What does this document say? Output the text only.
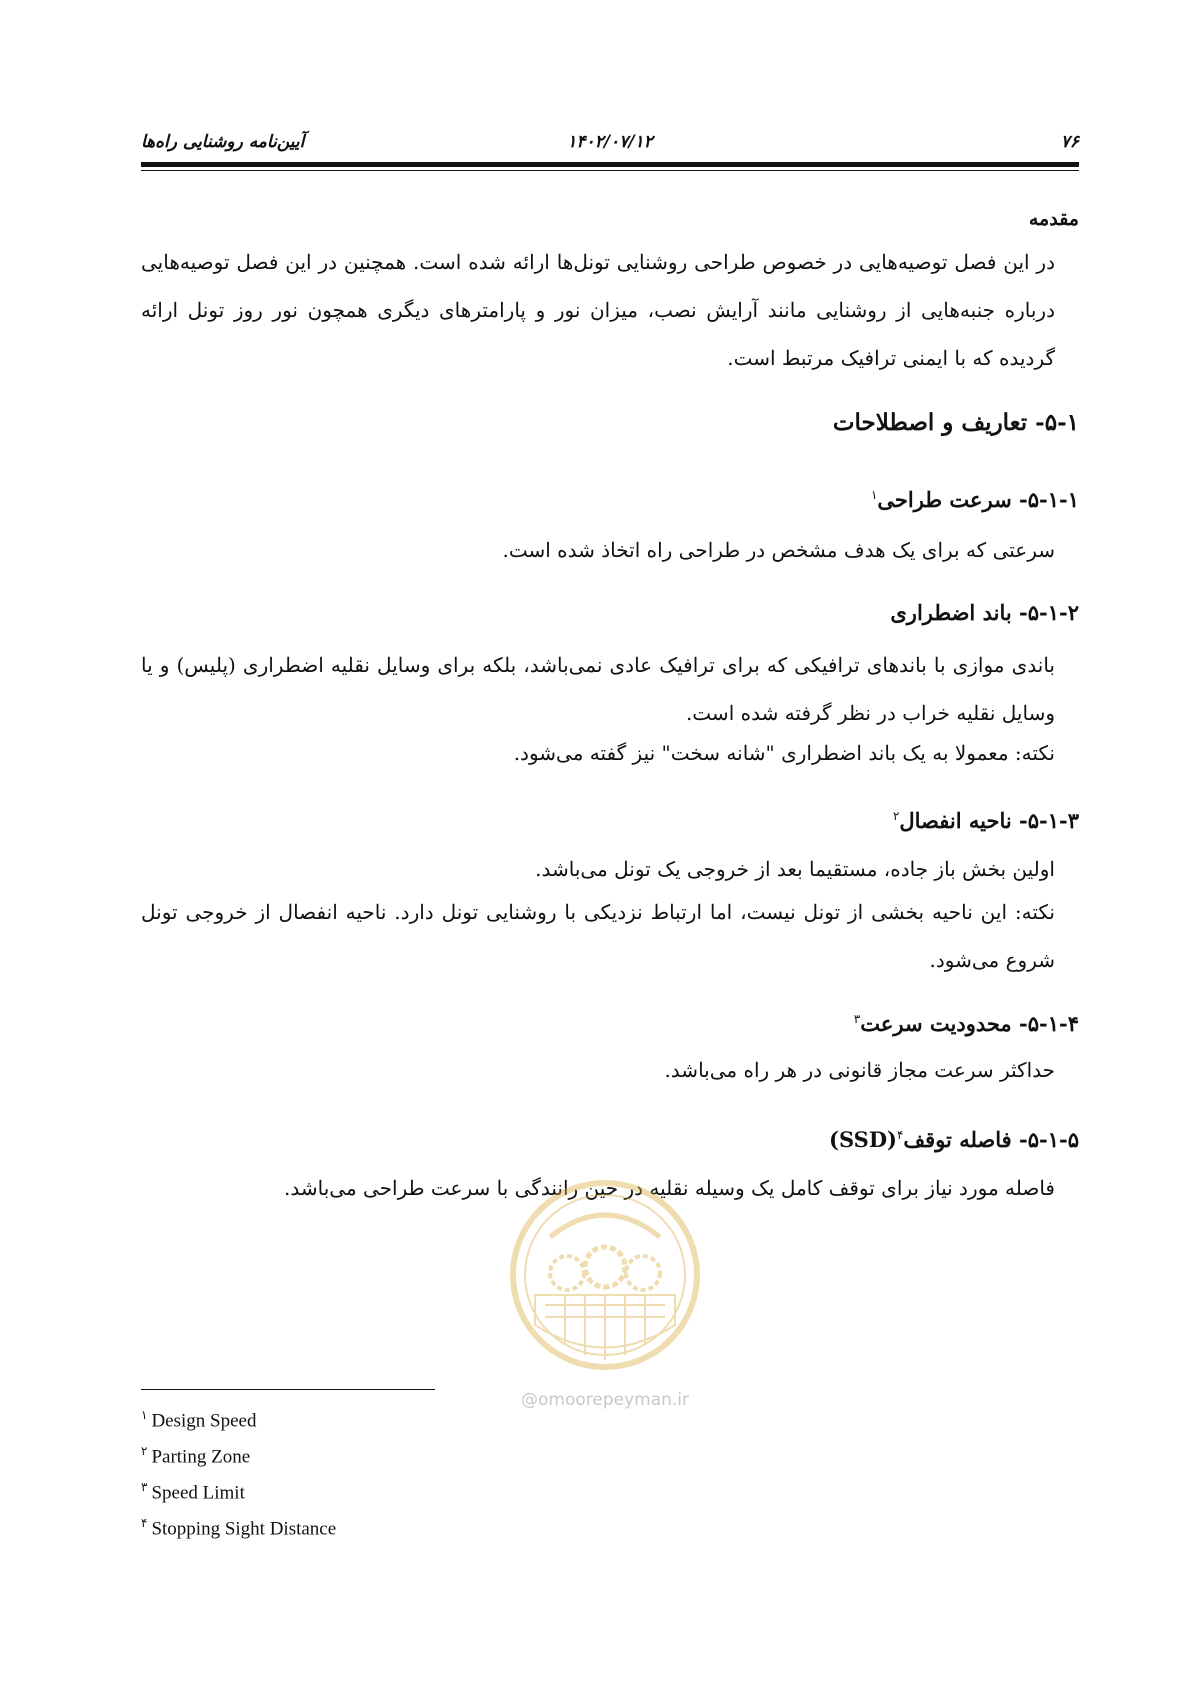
۷۶
۱۴۰۲/۰۷/۱۲
آیین‌نامه روشنایی راه‌ها
مقدمه
در این فصل توصیه‌هایی در خصوص طراحی روشنایی تونل‌ها ارائه شده است. همچنین در این فصل توصیه‌هایی درباره جنبه‌هایی از روشنایی مانند آرایش نصب، میزان نور و پارامترهای دیگری همچون نور روز تونل ارائه گردیده که با ایمنی ترافیک مرتبط است.
۵-۱- تعاریف و اصطلاحات
۵-۱-۱- سرعت طراحی$^۱$
سرعتی که برای یک هدف مشخص در طراحی راه اتخاذ شده است.
۵-۱-۲- باند اضطراری
باندی موازی با باندهای ترافیکی که برای ترافیک عادی نمی‌باشد، بلکه برای وسایل نقلیه اضطراری (پلیس) و یا وسایل نقلیه خراب در نظر گرفته شده است.
نکته: معمولا به یک باند اضطراری "شانه سخت" نیز گفته می‌شود.
۵-۱-۳- ناحیه انفصال$^۲$
اولین بخش باز جاده، مستقیما بعد از خروجی یک تونل می‌باشد.
نکته: این ناحیه بخشی از تونل نیست، اما ارتباط نزدیکی با روشنایی تونل دارد. ناحیه انفصال از خروجی تونل شروع می‌شود.
۵-۱-۴- محدودیت سرعت$^۳$
حداکثر سرعت مجاز قانونی در هر راه می‌باشد.
۵-۱-۵- فاصله توقف$^۴$(SSD)
فاصله مورد نیاز برای توقف کامل یک وسیله نقلیه در حین رانندگی با سرعت طراحی می‌باشد.
@omoorepeyman.ir
$^۱$ Design Speed
$^۲$ Parting Zone
$^۳$ Speed Limit
$^۴$ Stopping Sight Distance
